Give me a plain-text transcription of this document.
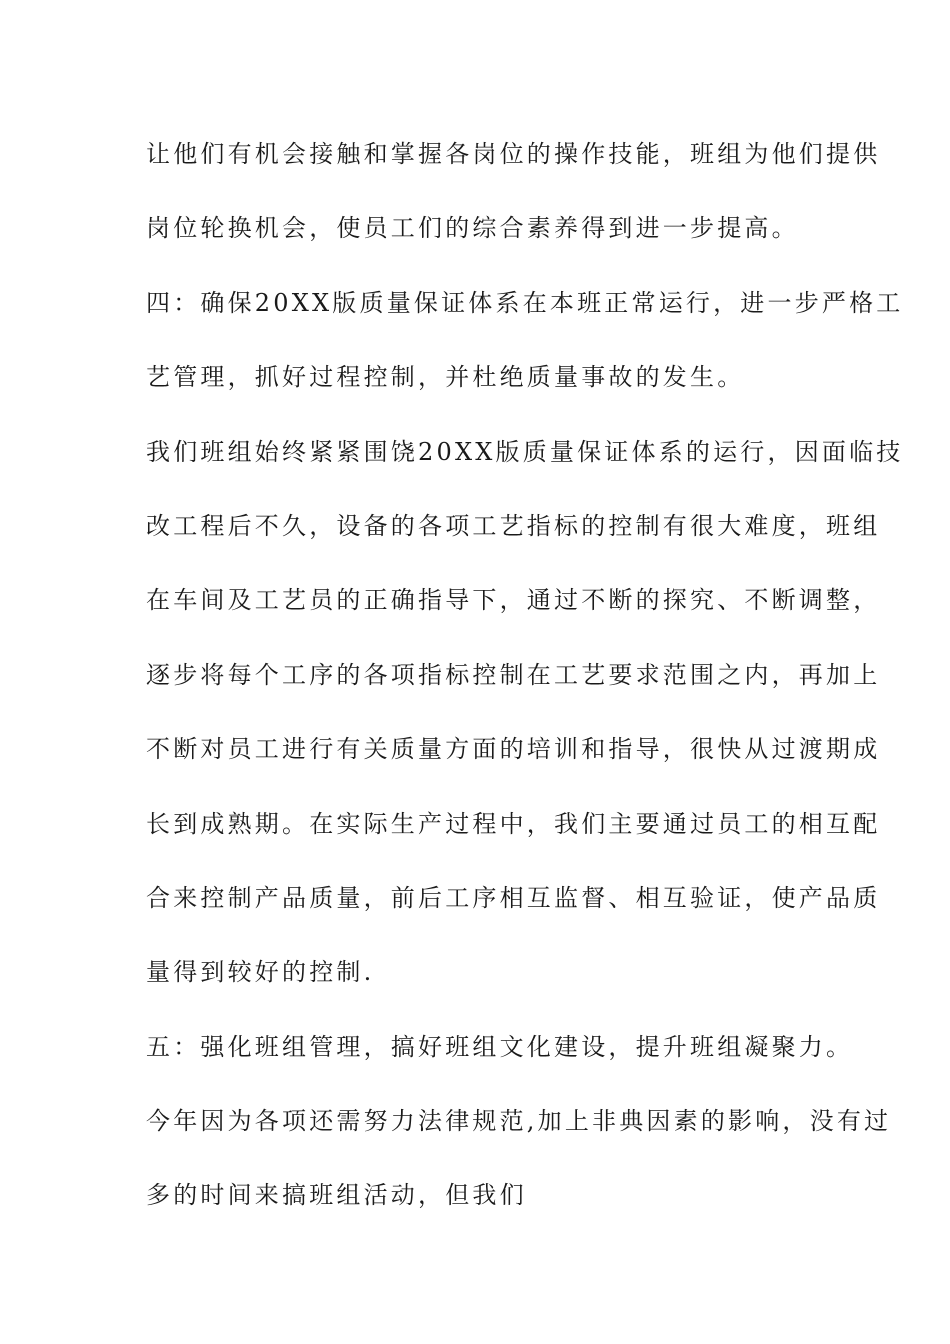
让他们有机会接触和掌握各岗位的操作技能，班组为他们提供
岗位轮换机会，使员工们的综合素养得到进一步提高。
四：确保20XX版质量保证体系在本班正常运行，进一步严格工
艺管理，抓好过程控制，并杜绝质量事故的发生。
我们班组始终紧紧围饶20XX版质量保证体系的运行，因面临技
改工程后不久，设备的各项工艺指标的控制有很大难度，班组
在车间及工艺员的正确指导下，通过不断的探究、不断调整，
逐步将每个工序的各项指标控制在工艺要求范围之内，再加上
不断对员工进行有关质量方面的培训和指导，很快从过渡期成
长到成熟期。在实际生产过程中，我们主要通过员工的相互配
合来控制产品质量，前后工序相互监督、相互验证，使产品质
量得到较好的控制.
五：强化班组管理，搞好班组文化建设，提升班组凝聚力。
今年因为各项还需努力法律规范,加上非典因素的影响，没有过
多的时间来搞班组活动，但我们
